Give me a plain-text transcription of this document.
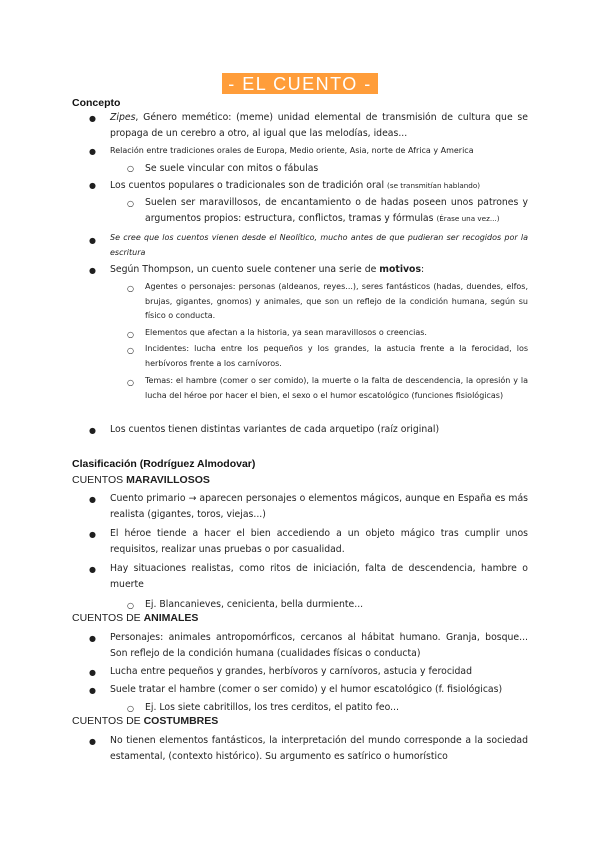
- EL CUENTO -
Concepto
● Zipes, Género memético: (meme) unidad elemental de transmisión de cultura que se propaga de un cerebro a otro, al igual que las melodías, ideas...
● Relación entre tradiciones orales de Europa, Medio oriente, Asia, norte de Africa y America
○ Se suele vincular con mitos o fábulas
● Los cuentos populares o tradicionales son de tradición oral (se transmitían hablando)
○ Suelen ser maravillosos, de encantamiento o de hadas poseen unos patrones y argumentos propios: estructura, conflictos, tramas y fórmulas (Érase una vez...)
● Se cree que los cuentos vienen desde el Neolítico, mucho antes de que pudieran ser recogidos por la escritura
● Según Thompson, un cuento suele contener una serie de motivos:
○ Agentes o personajes: personas (aldeanos, reyes...), seres fantásticos (hadas, duendes, elfos, brujas, gigantes, gnomos) y animales, que son un reflejo de la condición humana, según su físico o conducta.
○ Elementos que afectan a la historia, ya sean maravillosos o creencias.
○ Incidentes: lucha entre los pequeños y los grandes, la astucia frente a la ferocidad, los herbívoros frente a los carnívoros.
○ Temas: el hambre (comer o ser comido), la muerte o la falta de descendencia, la opresión y la lucha del héroe por hacer el bien, el sexo o el humor escatológico (funciones fisiológicas)
● Los cuentos tienen distintas variantes de cada arquetipo (raíz original)
Clasificación (Rodríguez Almodovar)
CUENTOS MARAVILLOSOS
● Cuento primario → aparecen personajes o elementos mágicos, aunque en España es más realista (gigantes, toros, viejas...)
● El héroe tiende a hacer el bien accediendo a un objeto mágico tras cumplir unos requisitos, realizar unas pruebas o por casualidad.
● Hay situaciones realistas, como ritos de iniciación, falta de descendencia, hambre o muerte
○ Ej. Blancanieves, cenicienta, bella durmiente...
CUENTOS DE ANIMALES
● Personajes: animales antropomórficos, cercanos al hábitat humano. Granja, bosque... Son reflejo de la condición humana (cualidades físicas o conducta)
● Lucha entre pequeños y grandes, herbívoros y carnívoros, astucia y ferocidad
● Suele tratar el hambre (comer o ser comido) y el humor escatológico (f. fisiológicas)
○ Ej. Los siete cabritillos, los tres cerditos, el patito feo...
CUENTOS DE COSTUMBRES
● No tienen elementos fantásticos, la interpretación del mundo corresponde a la sociedad estamental, (contexto histórico). Su argumento es satírico o humorístico
